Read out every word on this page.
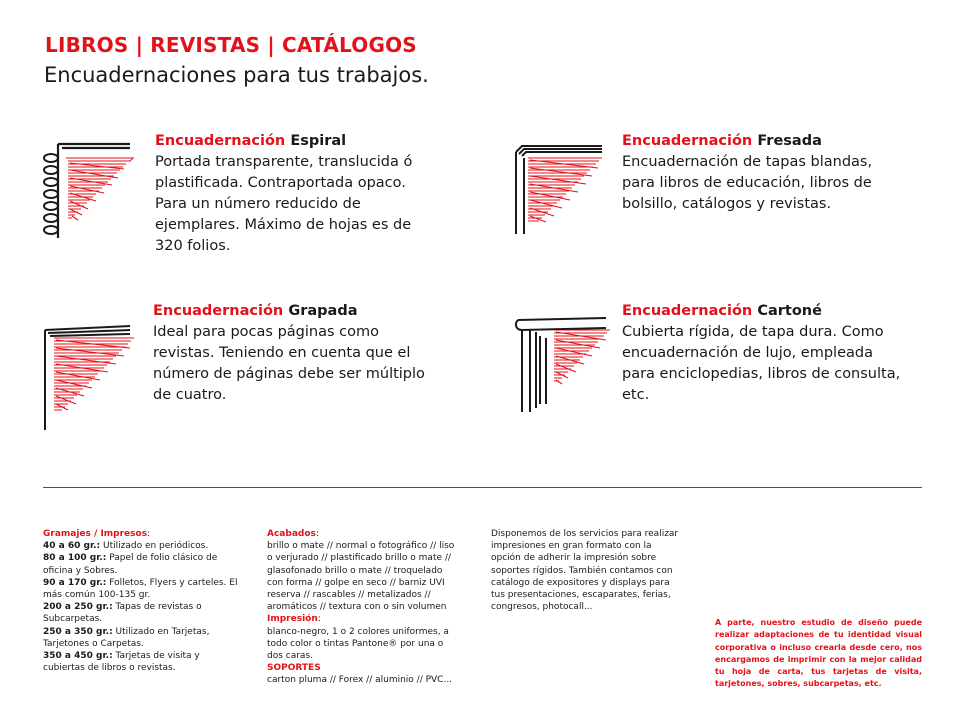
LIBROS | REVISTAS | CATÁLOGOS
Encuadernaciones para tus trabajos.
Encuadernación Espiral
Portada transparente, translucida ó
plastificada. Contraportada opaco.
Para un número reducido de
ejemplares. Máximo de hojas es de
320 folios.
Encuadernación Fresada
Encuadernación de tapas blandas,
para libros de educación, libros de
bolsillo, catálogos y revistas.
Encuadernación Grapada
Ideal para pocas páginas como
revistas. Teniendo en cuenta que el
número de páginas debe ser múltiplo
de cuatro.
Encuadernación Cartoné
Cubierta rígida, de tapa dura. Como
encuadernación de lujo, empleada
para enciclopedias, libros de consulta,
etc.
Gramajes / Impresos:
40 a 60 gr.: Utilizado en periódicos.
80 a 100 gr.: Papel de folio clásico de
oficina y Sobres.
90 a 170 gr.: Folletos, Flyers y carteles. El
más común 100-135 gr.
200 a 250 gr.: Tapas de revistas o
Subcarpetas.
250 a 350 gr.: Utilizado en Tarjetas,
Tarjetones o Carpetas.
350 a 450 gr.: Tarjetas de visita y
cubiertas de libros o revistas.
Acabados:
brillo o mate // normal o fotográfico // liso
o verjurado // plastificado brillo o mate //
glasofonado brillo o mate // troquelado
con forma // golpe en seco // barniz UVI
reserva // rascables // metalizados //
aromáticos // textura con o sin volumen
Impresión:
blanco-negro, 1 o 2 colores uniformes, a
todo color o tintas Pantone® por una o
dos caras.
SOPORTES
carton pluma // Forex // aluminio // PVC...
Disponemos de los servicios para realizar
impresiones en gran formato con la
opción de adherir la impresión sobre
soportes rígidos. También contamos con
catálogo de expositores y displays para
tus presentaciones, escaparates, ferias,
congresos, photocall...
A parte, nuestro estudio de diseño puede realizar adaptaciones de tu identidad visual corporativa o incluso crearla desde cero, nos encargamos de imprimir con la mejor calidad tu hoja de carta, tus tarjetas de visita, tarjetones, sobres, subcarpetas, etc.
